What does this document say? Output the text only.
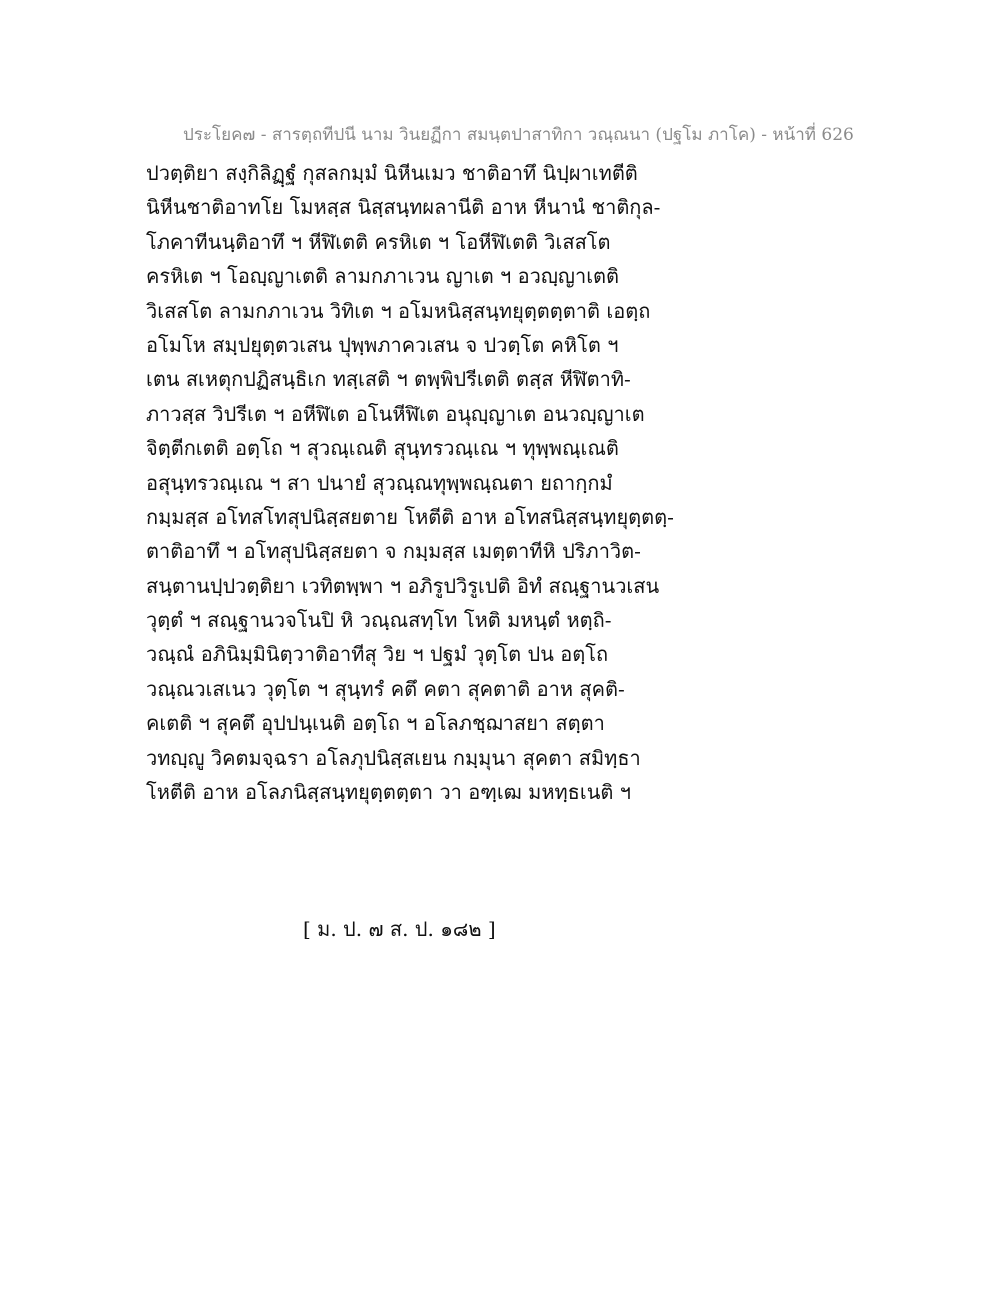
ประโยค๗ - สารตฺถทีปนี นาม วินยฏีกา สมนฺตปาสาทิกา วณฺณนา (ปฐโม ภาโค) - หน้าที่ 626
ปวตฺติยา สงฺกิลิฏฺฐํ กุสลกมฺมํ นิหีนเมว ชาติอาทึ นิปฺผาเทตีติ
นิหีนชาติอาทโย โมหสฺส นิสฺสนฺทผลานีติ อาห หีนานํ ชาติกุล-
โภคาทีนนฺติอาทึ ฯ หีฬิเตติ ครหิเต ฯ โอหีฬิเตติ วิเสสโต
ครหิเต ฯ โอญฺญาเตติ ลามกภาเวน ญาเต ฯ อวญฺญาเตติ
วิเสสโต ลามกภาเวน วิทิเต ฯ อโมหนิสฺสนฺทยุตฺตตฺตาติ เอตฺถ
อโมโห สมฺปยุตฺตวเสน ปุพฺพภาควเสน จ ปวตฺโต คหิโต ฯ
เตน สเหตุกปฏิสนฺธิเก ทสฺเสติ ฯ ตพฺพิปรีเตติ ตสฺส หีฬิตาทิ-
ภาวสฺส วิปรีเต ฯ อหีฬิเต อโนหีฬิเต อนุญฺญาเต อนวญฺญาเต
จิตฺตีกเตติ อตฺโถ ฯ สุวณฺเณติ สุนฺทรวณฺเณ ฯ ทุพฺพณฺเณติ
อสุนฺทรวณฺเณ ฯ สา ปนายํ สุวณฺณทุพฺพณฺณตา ยถากฺกมํ
กมฺมสฺส อโทสโทสุปนิสฺสยตาย โหตีติ อาห อโทสนิสฺสนฺทยุตฺตตฺ-
ตาติอาทึ ฯ อโทสุปนิสฺสยตา จ กมฺมสฺส เมตฺตาทีหิ ปริภาวิต-
สนฺตานปฺปวตฺติยา เวทิตพฺพา ฯ อภิรูปวิรูเปติ อิทํ สณฺฐานวเสน
วุตฺตํ ฯ สณฺฐานวจโนปิ หิ วณฺณสทฺโท โหติ มหนฺตํ หตฺถิ-
วณฺณํ อภินิมฺมินิตฺวาติอาทีสุ วิย ฯ ปฐมํ วุตฺโต ปน อตฺโถ
วณฺณวเสเนว วุตฺโต ฯ สุนฺทรํ คตึ คตา สุคตาติ อาห สุคติ-
คเตติ ฯ สุคตึ อุปปนฺเนติ อตฺโถ ฯ อโลภชฺฌาสยา สตฺตา
วทญฺญู วิคตมจฺฉรา อโลภุปนิสฺสเยน กมฺมุนา สุคตา สมิทฺธา
โหตีติ อาห อโลภนิสฺสนฺทยุตฺตตฺตา วา อฑฺเฒ มหทฺธเนติ ฯ
[ ม. ป. ๗ ส. ป. ๑๘๒ ]
